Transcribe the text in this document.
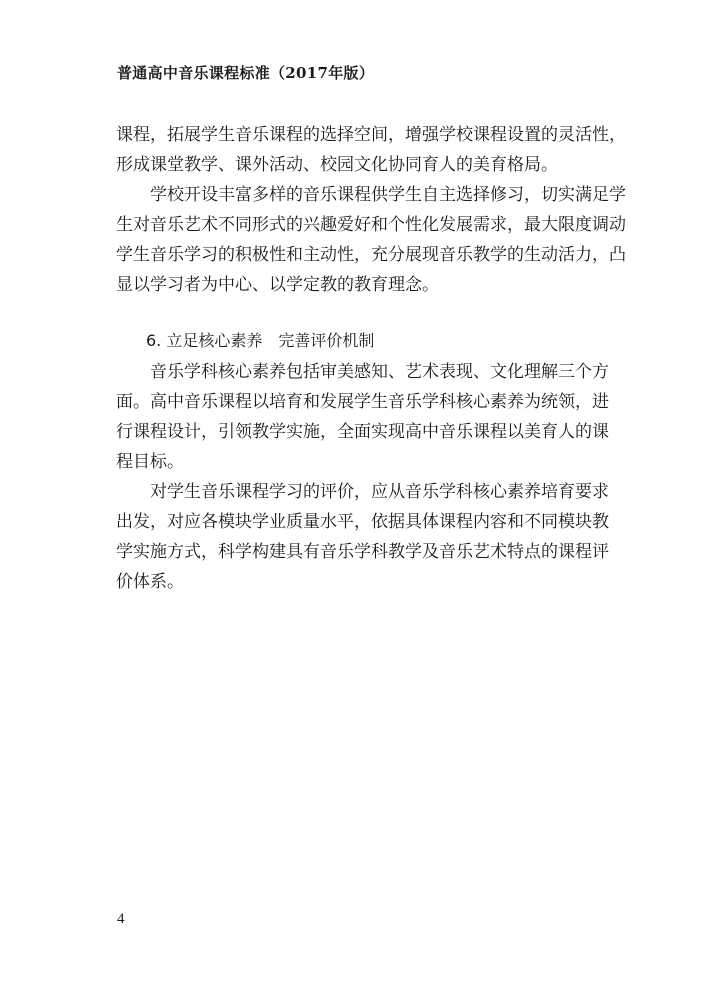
普通高中音乐课程标准（2017年版）
课程，拓展学生音乐课程的选择空间，增强学校课程设置的灵活性，
形成课堂教学、课外活动、校园文化协同育人的美育格局。
学校开设丰富多样的音乐课程供学生自主选择修习，切实满足学
生对音乐艺术不同形式的兴趣爱好和个性化发展需求，最大限度调动
学生音乐学习的积极性和主动性，充分展现音乐教学的生动活力，凸
显以学习者为中心、以学定教的教育理念。
6. 立足核心素养　完善评价机制
音乐学科核心素养包括审美感知、艺术表现、文化理解三个方
面。高中音乐课程以培育和发展学生音乐学科核心素养为统领，进
行课程设计，引领教学实施，全面实现高中音乐课程以美育人的课
程目标。
对学生音乐课程学习的评价，应从音乐学科核心素养培育要求
出发，对应各模块学业质量水平，依据具体课程内容和不同模块教
学实施方式，科学构建具有音乐学科教学及音乐艺术特点的课程评
价体系。
4
